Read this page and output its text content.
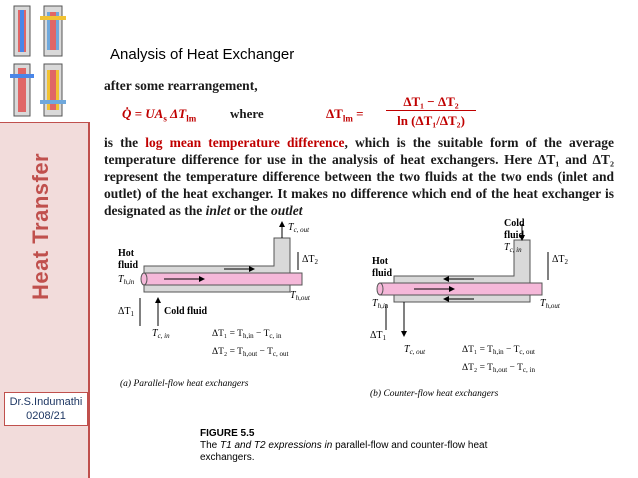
Heat Transfer
Dr.S.Indumathi
0208/21
Analysis of Heat Exchanger
after some rearrangement,
Q̇ = $UA_s$ $\Delta T_{lm}$	where	$\Delta T_{lm}$ =
ΔT₁ − ΔT₂
ln (ΔT₁/ΔT₂)
is the log mean temperature difference, which is the suitable form of the average temperature difference for use in the analysis of heat exchangers. Here ΔT₁ and ΔT₂ represent the temperature difference between the two fluids at the two ends (inlet and outlet) of the heat exchanger. It makes no difference which end of the heat exchanger is designated as the inlet or the outlet
Hot
fluid
$T_{h,in}$
$T_{h,out}$
$T_{c, out}$
$\Delta T_2$
$\Delta T_1$	Cold fluid
$T_{c, in}$	$\Delta T_1 = T_{h,in} - T_{c, in}$
$\Delta T_2 = T_{h,out} - T_{c, out}$
(a) Parallel-flow heat exchangers
Cold
fluid
$T_{c, in}$
Hot
fluid
$T_{h,in}$	$T_{h,out}$
$\Delta T_2$
$\Delta T_1$
$T_{c, out}$	$\Delta T_1 = T_{h,in} - T_{c, out}$
$\Delta T_2 = T_{h,out} - T_{c, in}$
(b) Counter-flow heat exchangers
FIGURE 5.5
The T1 and T2 expressions in parallel-flow and counter-flow heat exchangers.
